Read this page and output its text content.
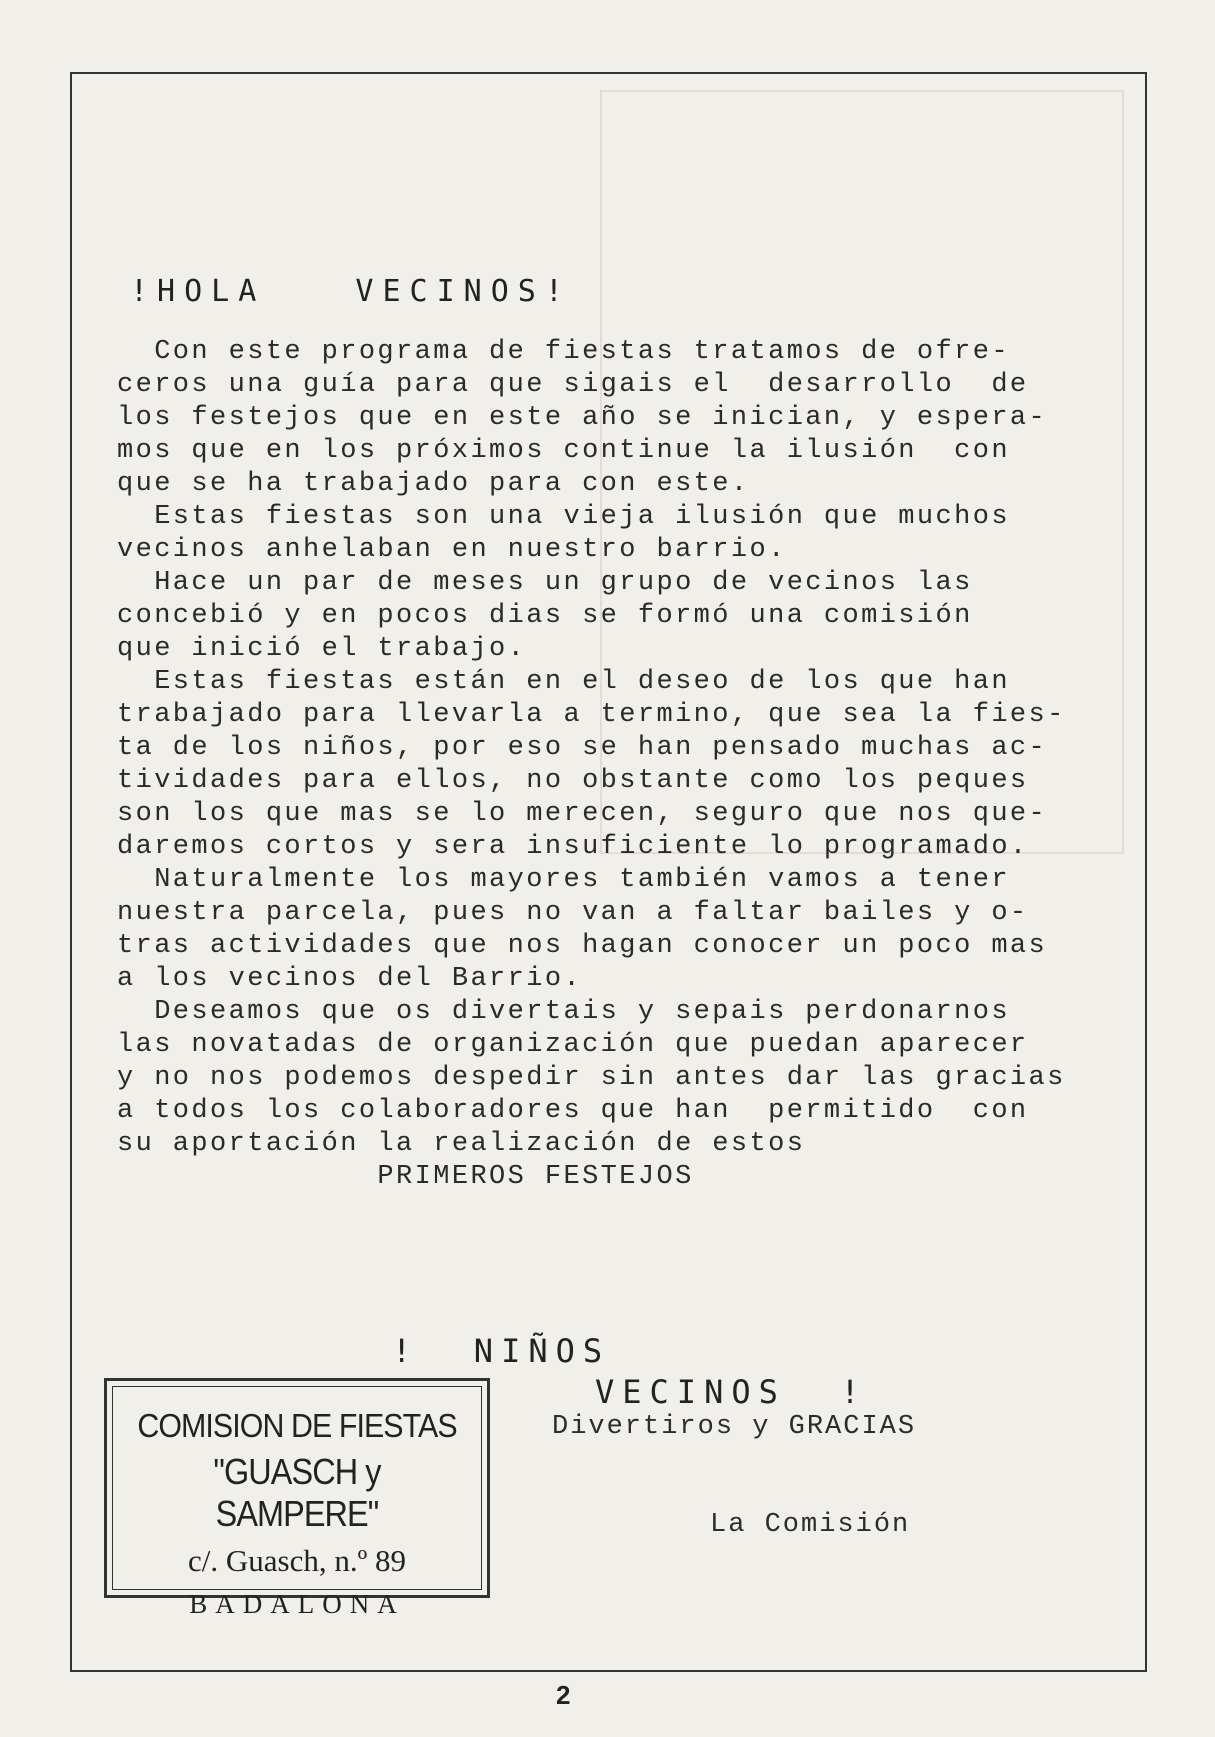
!HOLA  VECINOS!
Con este programa de fiestas tratamos de ofre-
ceros una guía para que sigais el  desarrollo  de
los festejos que en este año se inician, y espera-
mos que en los próximos continue la ilusión  con
que se ha trabajado para con este.
Estas fiestas son una vieja ilusión que muchos
vecinos anhelaban en nuestro barrio.
Hace un par de meses un grupo de vecinos las
concebió y en pocos dias se formó una comisión
que inició el trabajo.
Estas fiestas están en el deseo de los que han
trabajado para llevarla a termino, que sea la fies-
ta de los niños, por eso se han pensado muchas ac-
tividades para ellos, no obstante como los peques
son los que mas se lo merecen, seguro que nos que-
daremos cortos y sera insuficiente lo programado.
Naturalmente los mayores también vamos a tener
nuestra parcela, pues no van a faltar bailes y o-
tras actividades que nos hagan conocer un poco mas
a los vecinos del Barrio.
Deseamos que os divertais y sepais perdonarnos
las novatadas de organización que puedan aparecer
y no nos podemos despedir sin antes dar las gracias
a todos los colaboradores que han  permitido  con
su aportación la realización de estos
PRIMEROS FESTEJOS
!  NIÑOS
VECINOS  !
COMISION DE FIESTAS
"GUASCH y SAMPERE"
c/. Guasch, n.º 89
BADALONA
Divertiros y GRACIAS
La Comisión
2
